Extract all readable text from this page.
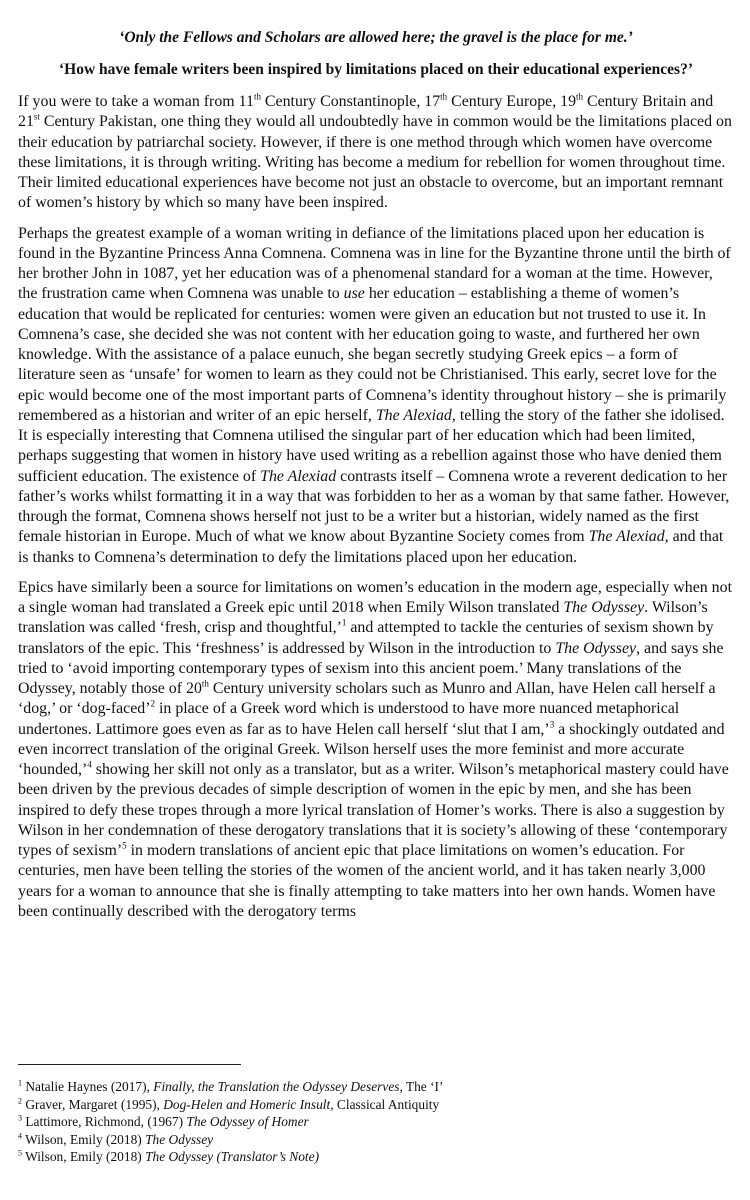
‘Only the Fellows and Scholars are allowed here; the gravel is the place for me.’

‘How have female writers been inspired by limitations placed on their educational experiences?’

If you were to take a woman from 11th Century Constantinople, 17th Century Europe, 19th Century Britain and 21st Century Pakistan, one thing they would all undoubtedly have in common would be the limitations placed on their education by patriarchal society. However, if there is one method through which women have overcome these limitations, it is through writing. Writing has become a medium for rebellion for women throughout time. Their limited educational experiences have become not just an obstacle to overcome, but an important remnant of women’s history by which so many have been inspired.

Perhaps the greatest example of a woman writing in defiance of the limitations placed upon her education is found in the Byzantine Princess Anna Comnena. Comnena was in line for the Byzantine throne until the birth of her brother John in 1087, yet her education was of a phenomenal standard for a woman at the time. However, the frustration came when Comnena was unable to use her education – establishing a theme of women’s education that would be replicated for centuries: women were given an education but not trusted to use it. In Comnena’s case, she decided she was not content with her education going to waste, and furthered her own knowledge. With the assistance of a palace eunuch, she began secretly studying Greek epics – a form of literature seen as ‘unsafe’ for women to learn as they could not be Christianised. This early, secret love for the epic would become one of the most important parts of Comnena’s identity throughout history – she is primarily remembered as a historian and writer of an epic herself, The Alexiad, telling the story of the father she idolised. It is especially interesting that Comnena utilised the singular part of her education which had been limited, perhaps suggesting that women in history have used writing as a rebellion against those who have denied them sufficient education. The existence of The Alexiad contrasts itself – Comnena wrote a reverent dedication to her father’s works whilst formatting it in a way that was forbidden to her as a woman by that same father. However, through the format, Comnena shows herself not just to be a writer but a historian, widely named as the first female historian in Europe. Much of what we know about Byzantine Society comes from The Alexiad, and that is thanks to Comnena’s determination to defy the limitations placed upon her education.

Epics have similarly been a source for limitations on women’s education in the modern age, especially when not a single woman had translated a Greek epic until 2018 when Emily Wilson translated The Odyssey. Wilson’s translation was called ‘fresh, crisp and thoughtful,’$^1$ and attempted to tackle the centuries of sexism shown by translators of the epic. This ‘freshness’ is addressed by Wilson in the introduction to The Odyssey, and says she tried to ‘avoid importing contemporary types of sexism into this ancient poem.’ Many translations of the Odyssey, notably those of 20th Century university scholars such as Munro and Allan, have Helen call herself a ‘dog,’ or ‘dog-faced’$^2$ in place of a Greek word which is understood to have more nuanced metaphorical undertones. Lattimore goes even as far as to have Helen call herself ‘slut that I am,’$^3$ a shockingly outdated and even incorrect translation of the original Greek. Wilson herself uses the more feminist and more accurate ‘hounded,’$^4$ showing her skill not only as a translator, but as a writer. Wilson’s metaphorical mastery could have been driven by the previous decades of simple description of women in the epic by men, and she has been inspired to defy these tropes through a more lyrical translation of Homer’s works. There is also a suggestion by Wilson in her condemnation of these derogatory translations that it is society’s allowing of these ‘contemporary types of sexism’$^5$ in modern translations of ancient epic that place limitations on women’s education. For centuries, men have been telling the stories of the women of the ancient world, and it has taken nearly 3,000 years for a woman to announce that she is finally attempting to take matters into her own hands. Women have been continually described with the derogatory terms

$^1$ Natalie Haynes (2017), Finally, the Translation the Odyssey Deserves, The ‘I’

$^2$ Graver, Margaret (1995), Dog-Helen and Homeric Insult, Classical Antiquity

$^3$ Lattimore, Richmond, (1967) The Odyssey of Homer

$^4$ Wilson, Emily (2018) The Odyssey

$^5$ Wilson, Emily (2018) The Odyssey (Translator’s Note)
